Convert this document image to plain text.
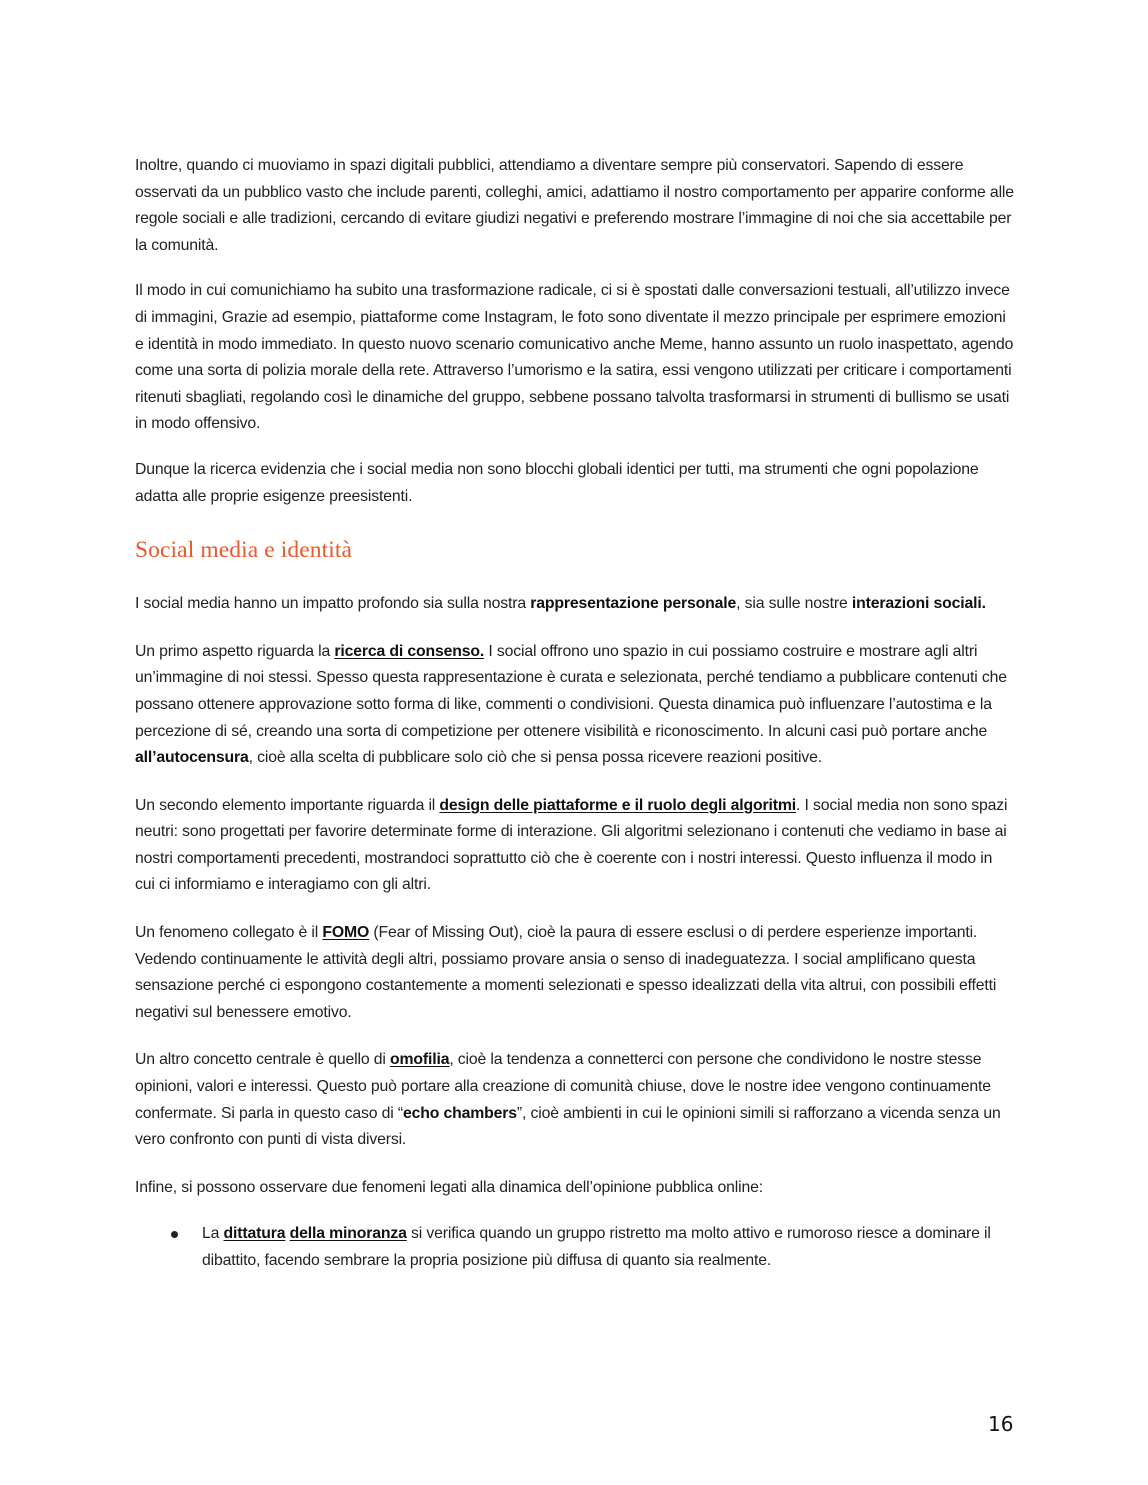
Inoltre, quando ci muoviamo in spazi digitali pubblici, attendiamo a diventare sempre più conservatori. Sapendo di essere osservati da un pubblico vasto che include parenti, colleghi, amici, adattiamo il nostro comportamento per apparire conforme alle regole sociali e alle tradizioni, cercando di evitare giudizi negativi e preferendo mostrare l’immagine di noi che sia accettabile per la comunità.

Il modo in cui comunichiamo ha subito una trasformazione radicale, ci si è spostati dalle conversazioni testuali, all’utilizzo invece di immagini, Grazie ad esempio, piattaforme come Instagram, le foto sono diventate il mezzo principale per esprimere emozioni e identità in modo immediato. In questo nuovo scenario comunicativo anche Meme, hanno assunto un ruolo inaspettato, agendo come una sorta di polizia morale della rete. Attraverso l’umorismo e la satira, essi vengono utilizzati per criticare i comportamenti ritenuti sbagliati, regolando così le dinamiche del gruppo, sebbene possano talvolta trasformarsi in strumenti di bullismo se usati in modo offensivo.

Dunque la ricerca evidenzia che i social media non sono blocchi globali identici per tutti, ma strumenti che ogni popolazione adatta alle proprie esigenze preesistenti.

Social media e identità

I social media hanno un impatto profondo sia sulla nostra rappresentazione personale, sia sulle nostre interazioni sociali.

Un primo aspetto riguarda la ricerca di consenso. I social offrono uno spazio in cui possiamo costruire e mostrare agli altri un’immagine di noi stessi. Spesso questa rappresentazione è curata e selezionata, perché tendiamo a pubblicare contenuti che possano ottenere approvazione sotto forma di like, commenti o condivisioni. Questa dinamica può influenzare l’autostima e la percezione di sé, creando una sorta di competizione per ottenere visibilità e riconoscimento. In alcuni casi può portare anche all’autocensura, cioè alla scelta di pubblicare solo ciò che si pensa possa ricevere reazioni positive.

Un secondo elemento importante riguarda il design delle piattaforme e il ruolo degli algoritmi. I social media non sono spazi neutri: sono progettati per favorire determinate forme di interazione. Gli algoritmi selezionano i contenuti che vediamo in base ai nostri comportamenti precedenti, mostrandoci soprattutto ciò che è coerente con i nostri interessi. Questo influenza il modo in cui ci informiamo e interagiamo con gli altri.

Un fenomeno collegato è il FOMO (Fear of Missing Out), cioè la paura di essere esclusi o di perdere esperienze importanti. Vedendo continuamente le attività degli altri, possiamo provare ansia o senso di inadeguatezza. I social amplificano questa sensazione perché ci espongono costantemente a momenti selezionati e spesso idealizzati della vita altrui, con possibili effetti negativi sul benessere emotivo.

Un altro concetto centrale è quello di omofilia, cioè la tendenza a connetterci con persone che condividono le nostre stesse opinioni, valori e interessi. Questo può portare alla creazione di comunità chiuse, dove le nostre idee vengono continuamente confermate. Si parla in questo caso di “echo chambers”, cioè ambienti in cui le opinioni simili si rafforzano a vicenda senza un vero confronto con punti di vista diversi.

Infine, si possono osservare due fenomeni legati alla dinamica dell’opinione pubblica online:

La dittatura della minoranza si verifica quando un gruppo ristretto ma molto attivo e rumoroso riesce a dominare il dibattito, facendo sembrare la propria posizione più diffusa di quanto sia realmente.
16
